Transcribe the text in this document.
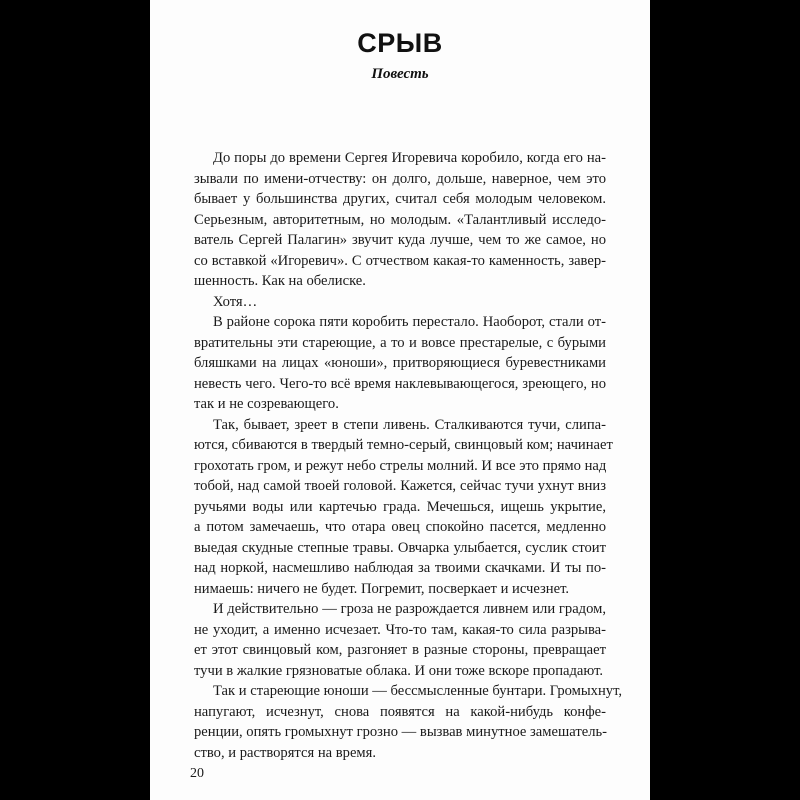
СРЫВ
Повесть
До поры до времени Сергея Игоревича коробило, когда его на-
зывали по имени-отчеству: он долго, дольше, наверное, чем это
бывает у большинства других, считал себя молодым человеком.
Серьезным, авторитетным, но молодым. «Талантливый исследо-
ватель Сергей Палагин» звучит куда лучше, чем то же самое, но
со вставкой «Игоревич». С отчеством какая-то каменность, завер-
шенность. Как на обелиске.
Хотя…
В районе сорока пяти коробить перестало. Наоборот, стали от-
вратительны эти стареющие, а то и вовсе престарелые, с бурыми
бляшками на лицах «юноши», притворяющиеся буревестниками
невесть чего. Чего-то всё время наклевывающегося, зреющего, но
так и не созревающего.
Так, бывает, зреет в степи ливень. Сталкиваются тучи, слипа-
ются, сбиваются в твердый темно-серый, свинцовый ком; начинает
грохотать гром, и режут небо стрелы молний. И все это прямо над
тобой, над самой твоей головой. Кажется, сейчас тучи ухнут вниз
ручьями воды или картечью града. Мечешься, ищешь укрытие,
а потом замечаешь, что отара овец спокойно пасется, медленно
выедая скудные степные травы. Овчарка улыбается, суслик стоит
над норкой, насмешливо наблюдая за твоими скачками. И ты по-
нимаешь: ничего не будет. Погремит, посверкает и исчезнет.
И действительно — гроза не разрождается ливнем или градом,
не уходит, а именно исчезает. Что-то там, какая-то сила разрыва-
ет этот свинцовый ком, разгоняет в разные стороны, превращает
тучи в жалкие грязноватые облака. И они тоже вскоре пропадают.
Так и стареющие юноши — бессмысленные бунтари. Громыхнут,
напугают, исчезнут, снова появятся на какой-нибудь конфе-
ренции, опять громыхнут грозно — вызвав минутное замешатель-
ство, и растворятся на время.
20
